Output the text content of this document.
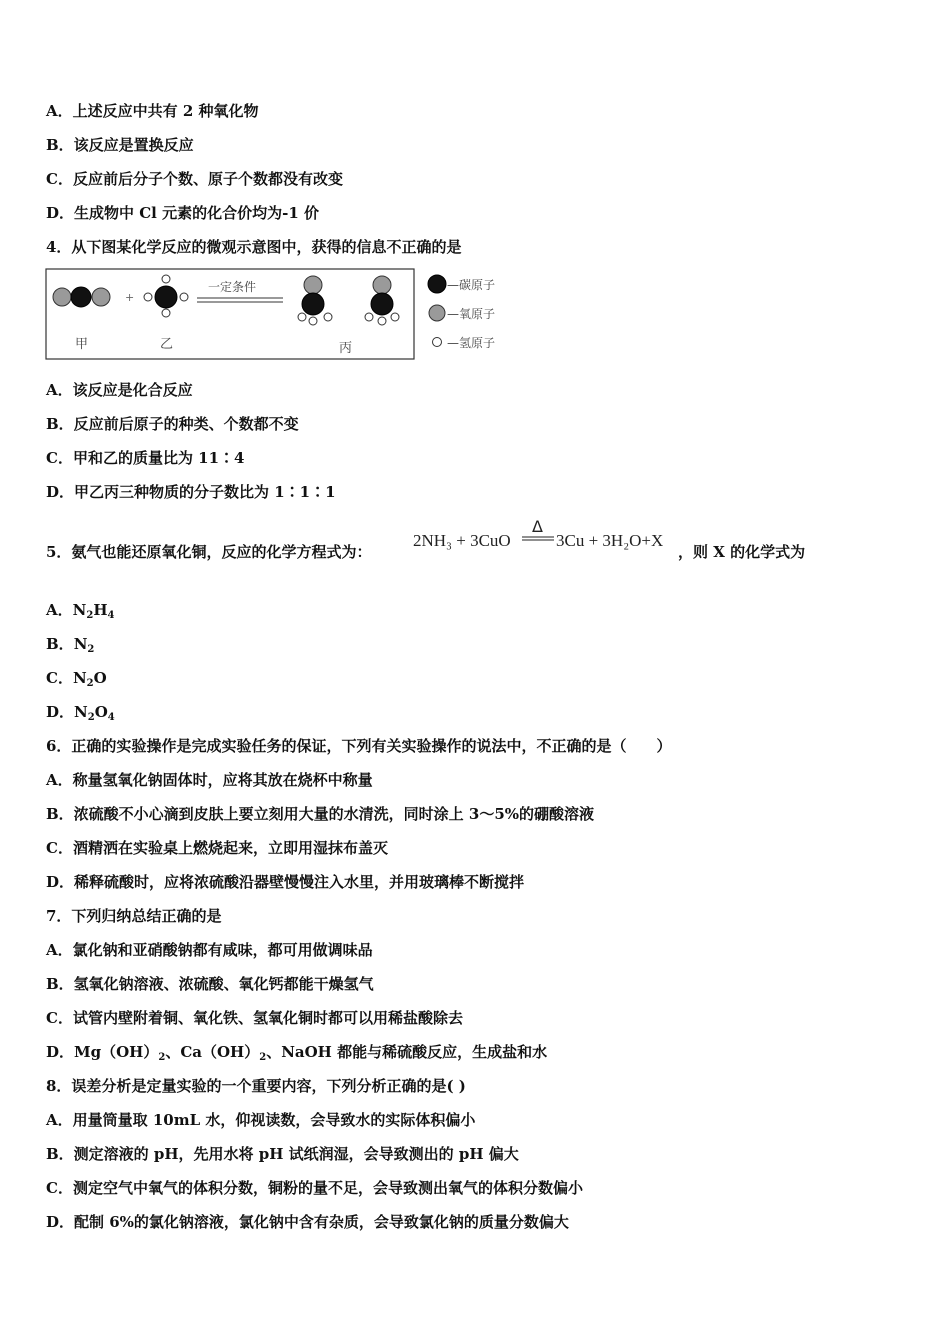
A．上述反应中共有 2 种氧化物
B．该反应是置换反应
C．反应前后分子个数、原子个数都没有改变
D．生成物中 Cl 元素的化合价均为-1 价
4．从下图某化学反应的微观示意图中，获得的信息不正确的是
+
一定条件
甲	乙	丙
—碳原子
—氧原子
—氢原子
A．该反应是化合反应
B．反应前后原子的种类、个数都不变
C．甲和乙的质量比为 11∶4
D．甲乙丙三种物质的分子数比为 1∶1∶1
5．氨气也能还原氧化铜，反应的化学方程式为：
2NH₃ + 3CuO
Δ
3Cu + 3H₂O+X
，则 X 的化学式为
A．$N_2H_4$
B．$N_2$
C．$N_2O$
D．$N_2O_4$
6．正确的实验操作是完成实验任务的保证，下列有关实验操作的说法中，不正确的是（　　）
A．称量氢氧化钠固体时，应将其放在烧杯中称量
B．浓硫酸不小心滴到皮肤上要立刻用大量的水清洗，同时涂上 3～5%的硼酸溶液
C．酒精洒在实验桌上燃烧起来，立即用湿抹布盖灭
D．稀释硫酸时，应将浓硫酸沿器壁慢慢注入水里，并用玻璃棒不断搅拌
7．下列归纳总结正确的是
A．氯化钠和亚硝酸钠都有咸味，都可用做调味品
B．氢氧化钠溶液、浓硫酸、氧化钙都能干燥氢气
C．试管内壁附着铜、氧化铁、氢氧化铜时都可以用稀盐酸除去
D．$Mg(OH)_2$、$Ca(OH)_2$、NaOH 都能与稀硫酸反应，生成盐和水
8．误差分析是定量实验的一个重要内容，下列分析正确的是( )
A．用量筒量取 10mL 水，仰视读数，会导致水的实际体积偏小
B．测定溶液的 pH，先用水将 pH 试纸润湿，会导致测出的 pH 偏大
C．测定空气中氧气的体积分数，铜粉的量不足，会导致测出氧气的体积分数偏小
D．配制 6%的氯化钠溶液，氯化钠中含有杂质，会导致氯化钠的质量分数偏大
